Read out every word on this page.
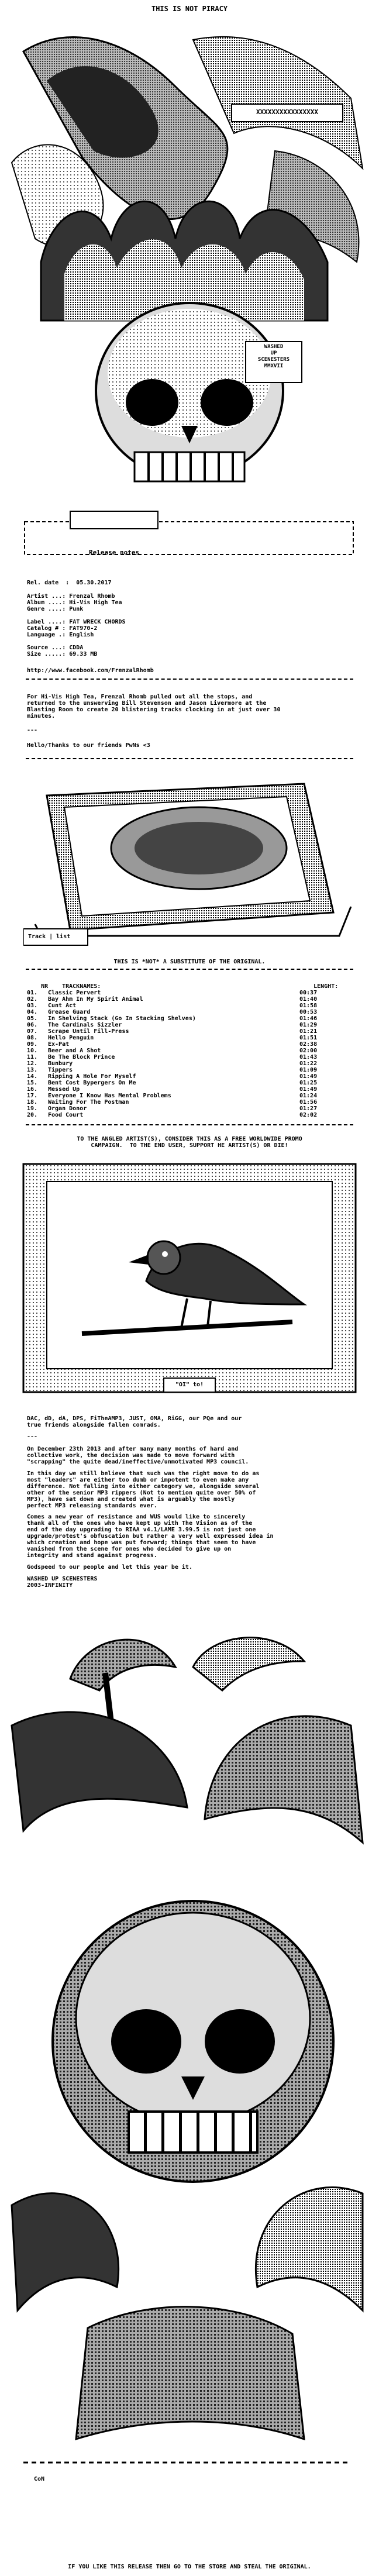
THIS IS NOT PIRACY
XXXXXXXXXXXXXXXX
WASHED
UP
SCENESTERS
MMXVII
Release notes
Rel. date  :  05.30.2017
Artist ...: Frenzal Rhomb
Album ....: Hi-Vis High Tea
Genre ....: Punk
Label ....: FAT WRECK CHORDS
Catalog # : FAT970-2
Language .: English
Source ...: CDDA
Size .....: 69.33 MB
http://www.facebook.com/FrenzalRhomb
For Hi-Vis High Tea, Frenzal Rhomb pulled out all the stops, and
returned to the unswerving Bill Stevenson and Jason Livermore at the
Blasting Room to create 20 blistering tracks clocking in at just over 30
minutes.
---
Hello/Thanks to our friends PwNs <3
Track | list
THIS IS *NOT* A SUBSTITUTE OF THE ORIGINAL.

NR TRACKNAMES:	LENGHT:

01. Classic Pervert	00:37
02. Bay Ahm In My Spirit Animal	01:40
03. Cunt Act	01:58
04. Grease Guard	00:53
05. In Shelving Stack (Go In Stacking Shelves)	01:46
06. The Cardinals Sizzler	01:29
07. Scrape Until Fill-Press	01:21
08. Hello Penguin	01:51
09. Ex-Pat	02:38
10. Beer and A Shot	02:00
11. Be The Block Prince	01:43
12. Bunbury	01:22
13. Tippers	01:09
14. Ripping A Hole For Myself	01:49
15. Bent Cost Bypergers On Me	01:25
16. Messed Up	01:49
17. Everyone I Know Has Mental Problems	01:24
18. Waiting For The Postman	01:56
19. Organ Donor	01:27
20. Food Court	02:02
TO THE ANGLED ARTIST(S), CONSIDER THIS AS A FREE WORLDWIDE PROMO
CAMPAIGN.  TO THE END USER, SUPPORT HE ARTIST(S) OR DIE!
"OI" to!
DAC, dD, dA, DPS, FiTheAMP3, JUST, OMA, RiGG, our PQe and our
true friends alongside fallen comrads.
---
On December 23th 2013 and after many many months of hard and
collective work, the decision was made to move forward with
"scrapping" the quite dead/ineffective/unmotivated MP3 council.
In this day we still believe that such was the right move to do as
most "leaders" are either too dumb or impotent to even make any
difference. Not falling into either category we, alongside several
other of the senior MP3 rippers (Not to mention quite over 50% of
MP3), have sat down and created what is arguably the mostly
perfect MP3 releasing standards ever.
Comes a new year of resistance and WUS would like to sincerely
thank all of the ones who have kept up with The Vision as of the
end of the day upgrading to RIAA v4.1/LAME 3.99.5 is not just one
upgrade/protest's obfuscation but rather a very well expressed idea in
which creation and hope was put forward; things that seem to have
vanished from the scene for ones who decided to give up on
integrity and stand against progress.
Godspeed to our people and let this year be it.
WASHED UP SCENESTERS
2003-INFINITY
CoN
IF YOU LIKE THIS RELEASE THEN GO TO THE STORE AND STEAL THE ORIGINAL.
